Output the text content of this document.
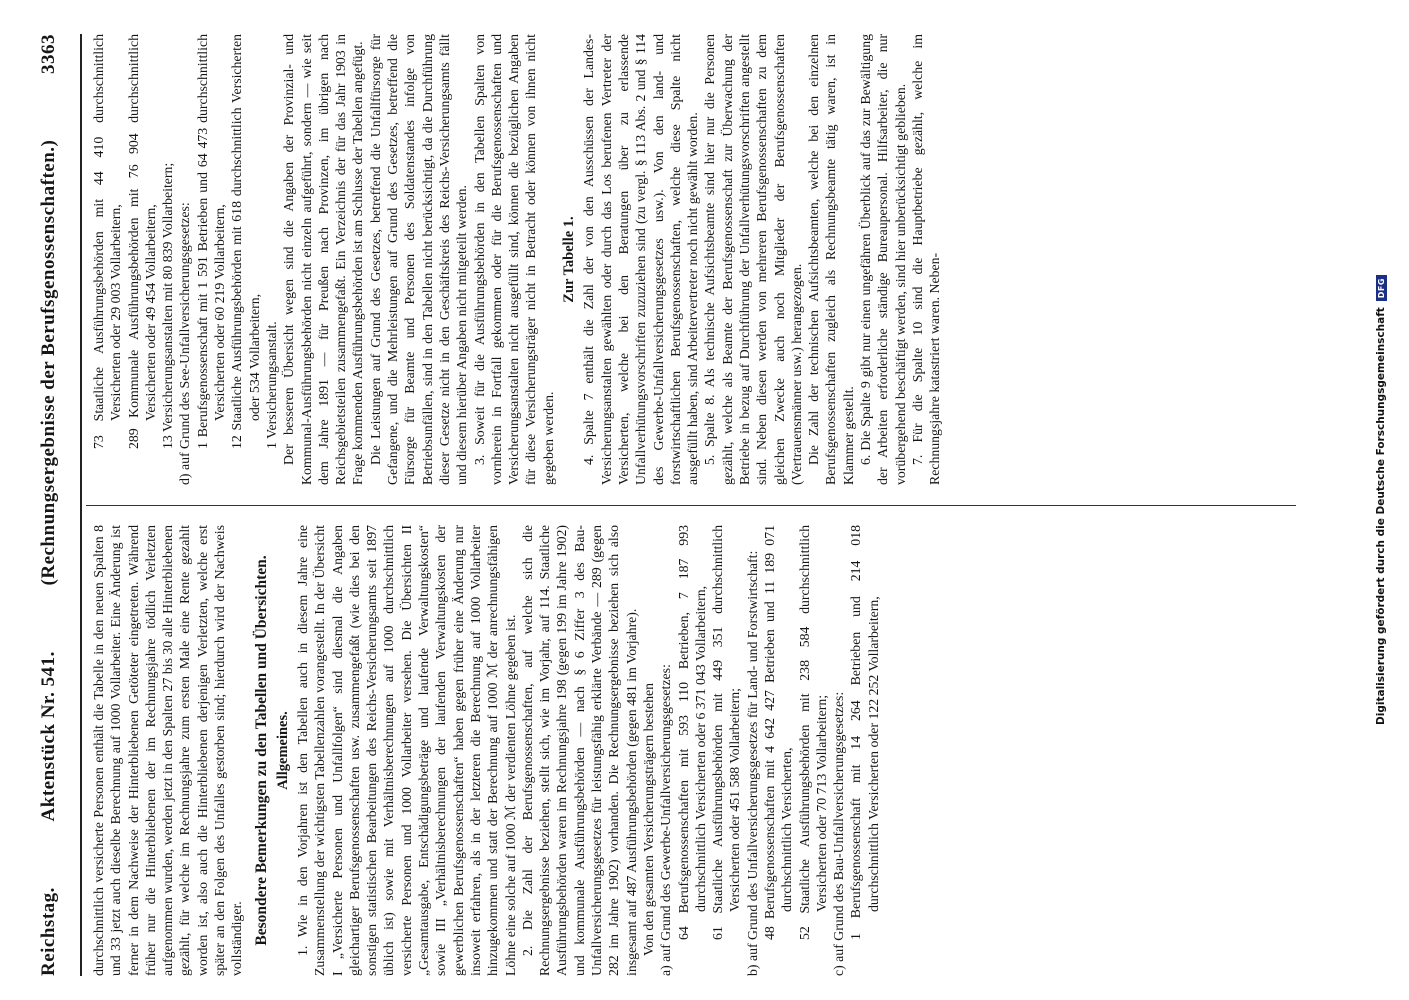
Reichstag.
Aktenstück Nr. 541.
(Rechnungsergebnisse der Berufsgenossenschaften.)
3363

durchschnittlich versicherte Personen enthält die Tabelle in den neuen Spalten 8 und 33 jetzt auch dieselbe Berechnung auf 1000 Vollarbeiter. Eine Änderung ist ferner in dem Nachweise der Hinterbliebenen Getöteter eingetreten. Während früher nur die Hinterbliebenen der im Rechnungsjahre tödlich Verletzten aufgenommen wurden, werden jetzt in den Spalten 27 bis 30 alle Hinterbliebenen gezählt, für welche im Rechnungsjahre zum ersten Male eine Rente gezahlt worden ist, also auch die Hinterbliebenen derjenigen Verletzten, welche erst später an den Folgen des Unfalles gestorben sind; hierdurch wird der Nachweis vollständiger. Besondere Bemerkungen zu den Tabellen und Übersichten. Allgemeines. 1. Wie in den Vorjahren ist den Tabellen auch in diesem Jahre eine Zusammenstellung der wichtigsten Tabellenzahlen vorangestellt. In der Übersicht I „Versicherte Personen und Unfallfolgen“ sind diesmal die Angaben gleichartiger Berufsgenossenschaften usw. zusammengefaßt (wie dies bei den sonstigen statistischen Bearbeitungen des Reichs-Versicherungsamts seit 1897 üblich ist) sowie mit Verhältnisberechnungen auf 1000 durchschnittlich versicherte Personen und 1000 Vollarbeiter versehen. Die Übersichten II „Gesamtausgabe, Entschädigungsbeträge und laufende Verwaltungskosten“ sowie III „Verhältnisberechnungen der laufenden Verwaltungskosten der gewerblichen Berufsgenossenschaften“ haben gegen früher eine Änderung nur insoweit erfahren, als in der letzteren die Berechnung auf 1000 Vollarbeiter hinzugekommen und statt der Berechnung auf 1000 ℳ der anrechnungsfähigen Löhne eine solche auf 1000 ℳ der verdienten Löhne gegeben ist. 2. Die Zahl der Berufsgenossenschaften, auf welche sich die Rechnungsergebnisse beziehen, stellt sich, wie im Vorjahr, auf 114. Staatliche Ausführungsbehörden waren im Rechnungsjahre 198 (gegen 199 im Jahre 1902) und kommunale Ausführungsbehörden — nach § 6 Ziffer 3 des Bau-Unfallversicherungsgesetzes für leistungsfähig erklärte Verbände — 289 (gegen 282 im Jahre 1902) vorhanden. Die Rechnungsergebnisse beziehen sich also insgesamt auf 487 Ausführungsbehörden (gegen 481 im Vorjahre). Von den gesamten Versicherungsträgern bestehen a) auf Grund des Gewerbe-Unfallversicherungsgesetzes: 64 Berufsgenossenschaften mit 593 110 Betrieben, 7 187 993 durchschnittlich Versicherten oder 6 371 043 Vollarbeitern, 61 Staatliche Ausführungsbehörden mit 449 351 durchschnittlich Versicherten oder 451 588 Vollarbeitern; b) auf Grund des Unfallversicherungsgesetzes für Land- und Forstwirtschaft: 48 Berufsgenossenschaften mit 4 642 427 Betrieben und 11 189 071 durchschnittlich Versicherten, 52 Staatliche Ausführungsbehörden mit 238 584 durchschnittlich Versicherten oder 70 713 Vollarbeitern; c) auf Grund des Bau-Unfallversicherungsgesetzes: 1 Berufsgenossenschaft mit 14 264 Betrieben und 214 018 durchschnittlich Versicherten oder 122 252 Vollarbeitern,
73 Staatliche Ausführungsbehörden mit 44 410 durchschnittlich Versicherten oder 29 003 Vollarbeitern, 289 Kommunale Ausführungsbehörden mit 76 904 durchschnittlich Versicherten oder 49 454 Vollarbeitern, 13 Versicherungsanstalten mit 80 839 Vollarbeitern; d) auf Grund des See-Unfallversicherungsgesetzes: 1 Berufsgenossenschaft mit 1 591 Betrieben und 64 473 durchschnittlich Versicherten oder 60 219 Vollarbeitern, 12 Staatliche Ausführungsbehörden mit 618 durchschnittlich Versicherten oder 534 Vollarbeitern, 1 Versicherungsanstalt. Der besseren Übersicht wegen sind die Angaben der Provinzial- und Kommunal-Ausführungsbehörden nicht einzeln aufgeführt, sondern — wie seit dem Jahre 1891 — für Preußen nach Provinzen, im übrigen nach Reichsgebietsteilen zusammengefaßt. Ein Verzeichnis der für das Jahr 1903 in Frage kommenden Ausführungsbehörden ist am Schlusse der Tabellen angefügt. Die Leistungen auf Grund des Gesetzes, betreffend die Unfallfürsorge für Gefangene, und die Mehrleistungen auf Grund des Gesetzes, betreffend die Fürsorge für Beamte und Personen des Soldatenstandes infolge von Betriebsunfällen, sind in den Tabellen nicht berücksichtigt, da die Durchführung dieser Gesetze nicht in den Geschäftskreis des Reichs-Versicherungsamts fällt und diesem hierüber Angaben nicht mitgeteilt werden. 3. Soweit für die Ausführungsbehörden in den Tabellen Spalten von vornherein in Fortfall gekommen oder für die Berufsgenossenschaften und Versicherungsanstalten nicht ausgefüllt sind, können die bezüglichen Angaben für diese Versicherungsträger nicht in Betracht oder können von ihnen nicht gegeben werden.

Zur Tabelle 1. 4. Spalte 7 enthält die Zahl der von den Ausschüssen der Landes-Versicherungsanstalten gewählten oder durch das Los berufenen Vertreter der Versicherten, welche bei den Beratungen über zu erlassende Unfallverhütungsvorschriften zuzuziehen sind (zu vergl. § 113 Abs. 2 und § 114 des Gewerbe-Unfallversicherungsgesetzes usw.). Von den land- und forstwirtschaftlichen Berufsgenossenschaften, welche diese Spalte nicht ausgefüllt haben, sind Arbeitervertreter noch nicht gewählt worden. 5. Spalte 8. Als technische Aufsichtsbeamte sind hier nur die Personen gezählt, welche als Beamte der Berufsgenossenschaft zur Überwachung der Betriebe in bezug auf Durchführung der Unfallverhütungsvorschriften angestellt sind. Neben diesen werden von mehreren Berufsgenossenschaften zu dem gleichen Zwecke auch noch Mitglieder der Berufsgenossenschaften (Vertrauensmänner usw.) herangezogen. Die Zahl der technischen Aufsichtsbeamten, welche bei den einzelnen Berufsgenossenschaften zugleich als Rechnungsbeamte tätig waren, ist in Klammer gestellt. 6. Die Spalte 9 gibt nur einen ungefähren Überblick auf das zur Bewältigung der Arbeiten erforderliche ständige Bureaupersonal. Hilfsarbeiter, die nur vorübergehend beschäftigt werden, sind hier unberücksichtigt geblieben. 7. Für die Spalte 10 sind die Hauptbetriebe gezählt, welche im Rechnungsjahre katastriert waren. Neben-	Digitalisierung gefördert durch die Deutsche Forschungsgemeinschaft
DFG
